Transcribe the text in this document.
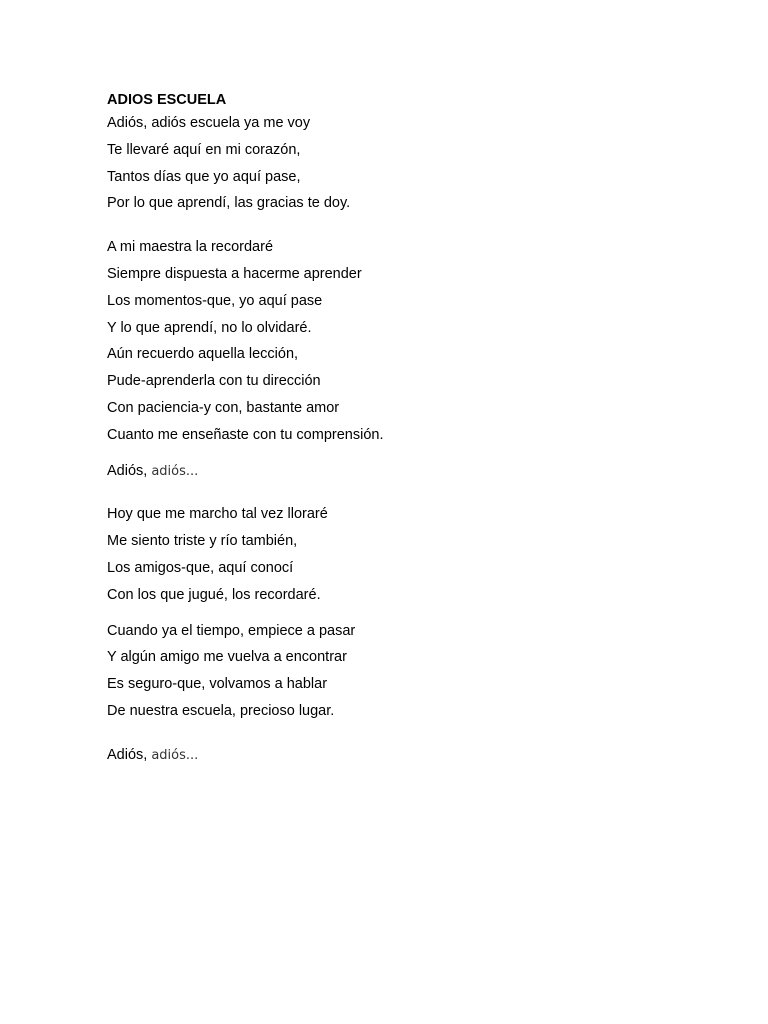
ADIOS ESCUELA
Adiós, adiós escuela ya me voy
Te llevaré aquí en mi corazón,
Tantos días que yo aquí pase,
Por lo que aprendí, las gracias te doy.
A mi maestra la recordaré
Siempre dispuesta a hacerme aprender
Los momentos-que, yo aquí pase
Y lo que aprendí, no lo olvidaré.
Aún recuerdo aquella lección,
Pude-aprenderla con tu dirección
Con paciencia-y con, bastante amor
Cuanto me enseñaste con tu comprensión.
Adiós, adiós...
Hoy que me marcho tal vez lloraré
Me siento triste y río también,
Los amigos-que, aquí conocí
Con los que jugué, los recordaré.
Cuando ya el tiempo, empiece a pasar
Y algún amigo me vuelva a encontrar
Es seguro-que, volvamos a hablar
De nuestra escuela, precioso lugar.
Adiós, adiós...
